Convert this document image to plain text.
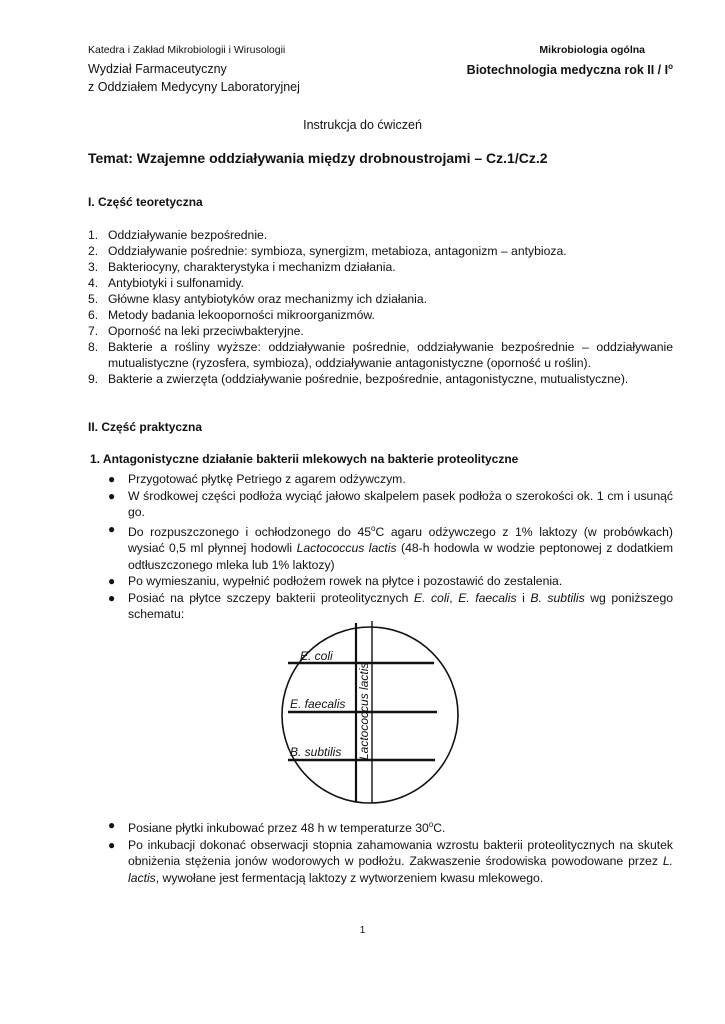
Katedra i Zakład Mikrobiologii i Wirusologii
Wydział Farmaceutyczny
z Oddziałem Medycyny Laboratoryjnej
Mikrobiologia ogólna
Biotechnologia medyczna rok II / $I^o$
Instrukcja do ćwiczeń
Temat: Wzajemne oddziaływania między drobnoustrojami – Cz.1/Cz.2
I. Część teoretyczna
1. Oddziaływanie bezpośrednie.
2. Oddziaływanie pośrednie: symbioza, synergizm, metabioza, antagonizm – antybioza.
3. Bakteriocyny, charakterystyka i mechanizm działania.
4. Antybiotyki i sulfonamidy.
5. Główne klasy antybiotyków oraz mechanizmy ich działania.
6. Metody badania lekooporności mikroorganizmów.
7. Oporność na leki przeciwbakteryjne.
8. Bakterie a rośliny wyższe: oddziaływanie pośrednie, oddziaływanie bezpośrednie – oddziaływanie mutualistyczne (ryzosfera, symbioza), oddziaływanie antagonistyczne (oporność u roślin).
9. Bakterie a zwierzęta (oddziaływanie pośrednie, bezpośrednie, antagonistyczne, mutualistyczne).
II. Część praktyczna
1. Antagonistyczne działanie bakterii mlekowych na bakterie proteolityczne
● Przygotować płytkę Petriego z agarem odżywczym.
● W środkowej części podłoża wyciąć jałowo skalpelem pasek podłoża o szerokości ok. 1 cm i usunąć go.
● Do rozpuszczonego i ochłodzonego do 45$^o$C agaru odżywczego z 1% laktozy (w probówkach) wysiać 0,5 ml płynnej hodowli Lactococcus lactis (48-h hodowla w wodzie peptonowej z dodatkiem odtłuszczonego mleka lub 1% laktozy)
● Po wymieszaniu, wypełnić podłożem rowek na płytce i pozostawić do zestalenia.
● Posiać na płytce szczepy bakterii proteolitycznych E. coli, E. faecalis i B. subtilis wg poniższego schematu:
E. coli
E. faecalis
B. subtilis Lactococcus lactis
● Posiane płytki inkubować przez 48 h w temperaturze 30$^o$C.
● Po inkubacji dokonać obserwacji stopnia zahamowania wzrostu bakterii proteolitycznych na skutek obniżenia stężenia jonów wodorowych w podłożu. Zakwaszenie środowiska powodowane przez L. lactis, wywołane jest fermentacją laktozy z wytworzeniem kwasu mlekowego.
1
